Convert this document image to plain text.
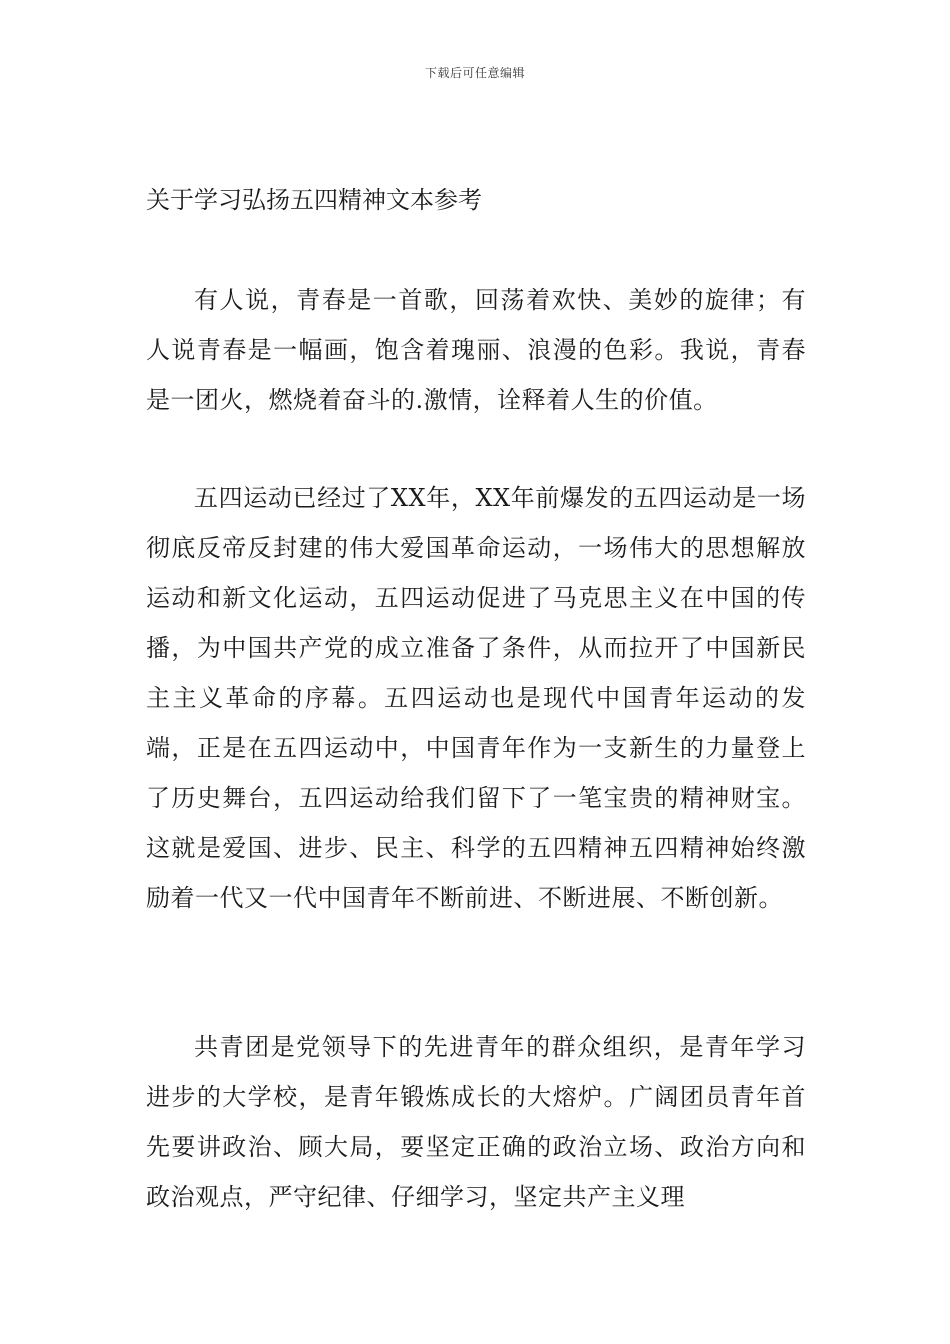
下载后可任意编辑
关于学习弘扬五四精神文本参考

有人说，青春是一首歌，回荡着欢快、美妙的旋律；有人说青春是一幅画，饱含着瑰丽、浪漫的色彩。我说，青春是一团火，燃烧着奋斗的.激情，诠释着人生的价值。

五四运动已经过了XX年，XX年前爆发的五四运动是一场彻底反帝反封建的伟大爱国革命运动，一场伟大的思想解放运动和新文化运动，五四运动促进了马克思主义在中国的传播，为中国共产党的成立准备了条件，从而拉开了中国新民主主义革命的序幕。五四运动也是现代中国青年运动的发端，正是在五四运动中，中国青年作为一支新生的力量登上了历史舞台，五四运动给我们留下了一笔宝贵的精神财宝。这就是爱国、进步、民主、科学的五四精神五四精神始终激励着一代又一代中国青年不断前进、不断进展、不断创新。

共青团是党领导下的先进青年的群众组织，是青年学习进步的大学校，是青年锻炼成长的大熔炉。广阔团员青年首先要讲政治、顾大局，要坚定正确的政治立场、政治方向和政治观点，严守纪律、仔细学习，坚定共产主义理
